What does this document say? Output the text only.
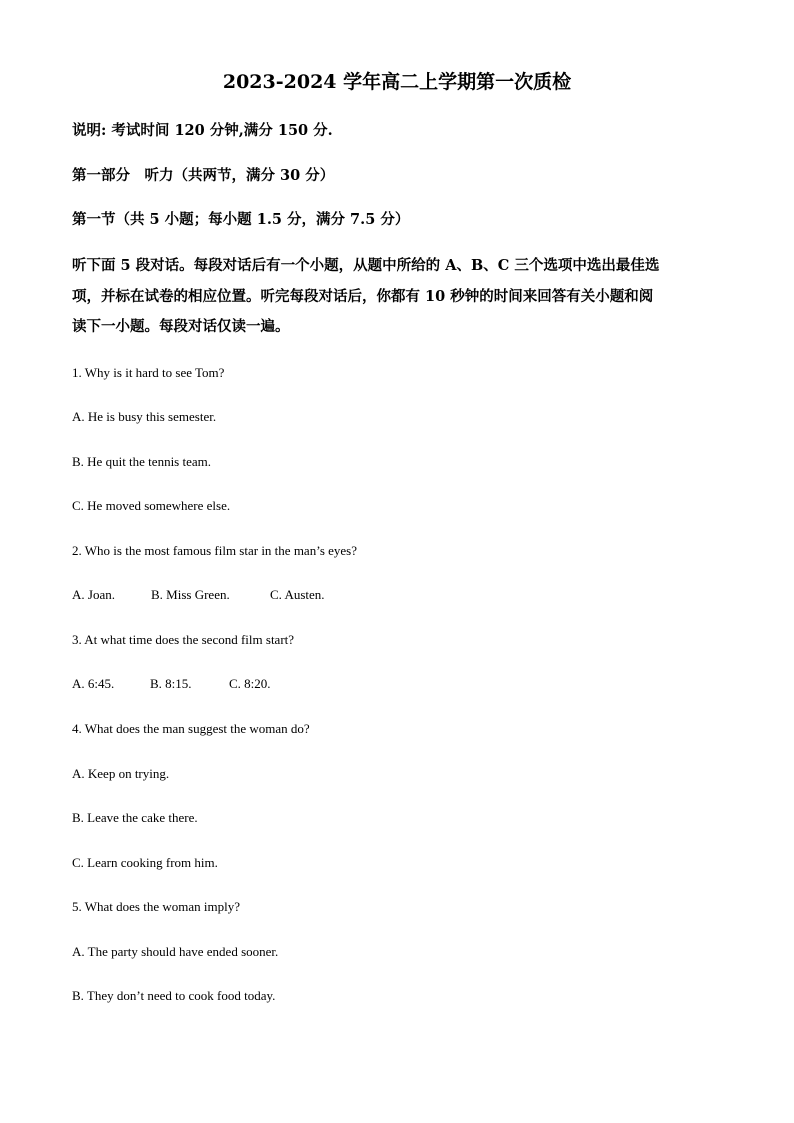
2023-2024 学年高二上学期第一次质检
说明: 考试时间 120 分钟,满分 150 分.
第一部分　听力（共两节，满分 30 分）
第一节（共 5 小题；每小题 1.5 分，满分 7.5 分）
听下面 5 段对话。每段对话后有一个小题，从题中所给的 A、B、C 三个选项中选出最佳选
项，并标在试卷的相应位置。听完每段对话后，你都有 10 秒钟的时间来回答有关小题和阅
读下一小题。每段对话仅读一遍。
1. Why is it hard to see Tom?
A. He is busy this semester.
B. He quit the tennis team.
C. He moved somewhere else.
2. Who is the most famous film star in the man’s eyes?
A. Joan.	B. Miss Green.	C. Austen.
3. At what time does the second film start?
A. 6:45.	B. 8:15.	C. 8:20.
4. What does the man suggest the woman do?
A. Keep on trying.
B. Leave the cake there.
C. Learn cooking from him.
5. What does the woman imply?
A. The party should have ended sooner.
B. They don’t need to cook food today.
